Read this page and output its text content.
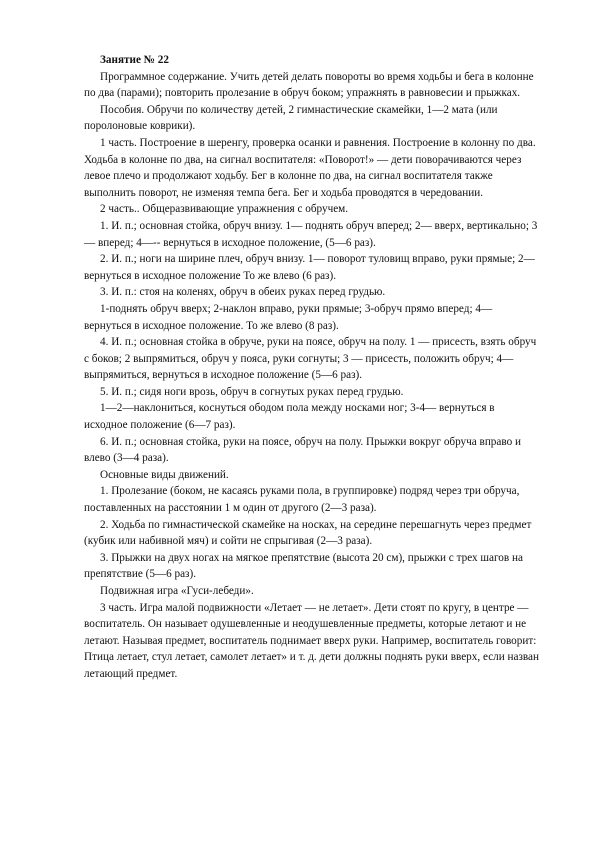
Занятие № 22

Программное содержание. Учить детей делать повороты во время ходьбы и бега в колонне по два (парами); повторить пролезание в обруч боком; упражнять в равновесии и прыжках.

Пособия. Обручи по количеству детей, 2 гимнастические скамейки, 1—2 мата (или поролоновые коврики).

1 часть. Построение в шеренгу, проверка осанки и равнения. Построение в колонну по два. Ходьба в колонне по два, на сигнал воспитателя: «Поворот!» — дети поворачиваются через левое плечо и продолжают ходьбу. Бег в колонне по два, на сигнал воспитателя также выполнить поворот, не изменяя темпа бега. Бег и ходьба проводятся в чередовании.

2 часть.. Общеразвивающие упражнения с обручем.

1. И. п.; основная стойка, обруч внизу. 1— поднять обруч вперед; 2— вверх, вертикально; 3— вперед; 4—-- вернуться в исходное положение, (5—6 раз).

2. И. п.; ноги на ширине плеч, обруч внизу. 1— поворот туловищ вправо, руки прямые; 2— вернуться в исходное положение То же влево (6 раз).

3. И. п.: стоя на коленях, обруч в обеих руках перед грудью.

1-поднять обруч вверх; 2-наклон вправо, руки прямые; 3-обруч прямо вперед; 4— вернуться в исходное положение. То же влево (8 раз).

4. И. п.; основная стойка в обруче, руки на поясе, обруч на полу. 1 — присесть, взять обруч с боков; 2 выпрямиться, обруч у пояса, руки согнуты; 3 — присесть, положить обруч; 4— выпрямиться, вернуться в исходное положение (5—6 раз).

5. И. п.; сидя ноги врозь, обруч в согнутых руках перед грудью.

1—2—наклониться, коснуться ободом пола между носками ног; 3-4— вернуться в исходное положение (6—7 раз).

6. И. п.; основная стойка, руки на поясе, обруч на полу. Прыжки вокруг обруча вправо и влево (3—4 раза).

Основные виды движений.

1. Пролезание (боком, не касаясь руками пола, в группировке) подряд через три обруча, поставленных на расстоянии 1 м один от другого (2—3 раза).

2. Ходьба по гимнастической скамейке на носках, на середине перешагнуть через предмет (кубик или набивной мяч) и сойти не спрыгивая (2—3 раза).

3. Прыжки на двух ногах на мягкое препятствие (высота 20 см), прыжки с трех шагов на препятствие (5—6 раз).

Подвижная игра «Гуси-лебеди».

3 часть. Игра малой подвижности «Летает — не летает». Дети стоят по кругу, в центре — воспитатель. Он называет одушевленные и неодушевленные предметы, которые летают и не летают. Называя предмет, воспитатель поднимает вверх руки. Например, воспитатель говорит: Птица летает, стул летает, самолет летает» и т. д. дети должны поднять руки вверх, если назван летающий предмет.
